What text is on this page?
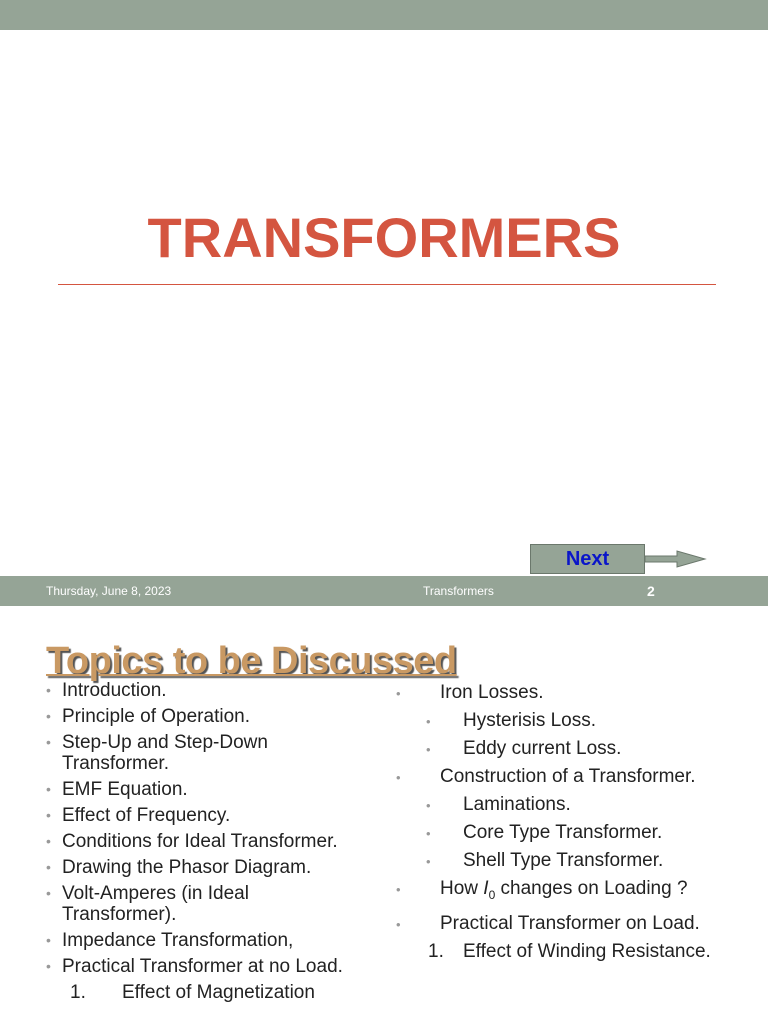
TRANSFORMERS
Next
Thursday, June 8, 2023	Transformers	2
Topics to be Discussed
• Introduction.
• Principle of Operation.
• Step-Up and Step-Down Transformer.
• EMF Equation.
• Effect of Frequency.
• Conditions for Ideal Transformer.
• Drawing the Phasor Diagram.
• Volt-Amperes (in Ideal Transformer).
• Impedance Transformation,
• Practical Transformer at no Load.
1. Effect of Magnetization
• Iron Losses.
• Hysterisis Loss.
• Eddy current Loss.
• Construction of a Transformer.
• Laminations.
• Core Type Transformer.
• Shell Type Transformer.
• How $I_0$ changes on Loading ?
• Practical Transformer on Load.
1. Effect of Winding Resistance.
